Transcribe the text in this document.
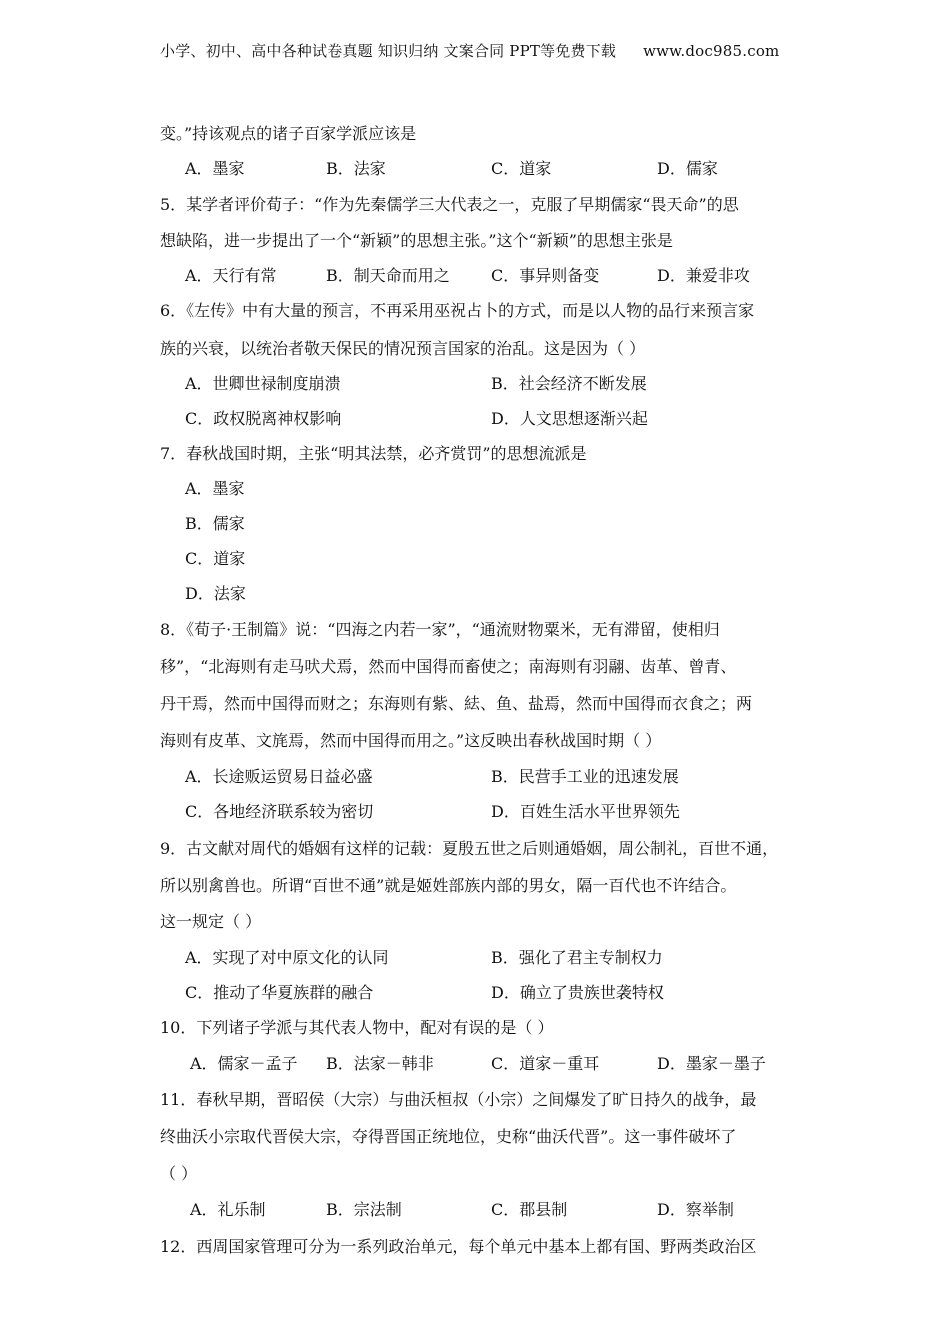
小学、初中、高中各种试卷真题 知识归纳 文案合同 PPT等免费下载 www.doc985.com
变。”持该观点的诸子百家学派应该是
A．墨家	B．法家	C．道家	D．儒家
5．某学者评价荀子：“作为先秦儒学三大代表之一，克服了早期儒家“畏天命”的思
想缺陷，进一步提出了一个“新颖”的思想主张。”这个“新颖”的思想主张是
A．天行有常	B．制天命而用之	C．事异则备变	D．兼爱非攻
6．《左传》中有大量的预言，不再采用巫祝占卜的方式，而是以人物的品行来预言家
族的兴衰，以统治者敬天保民的情况预言国家的治乱。这是因为（ ）
A．世卿世禄制度崩溃	B．社会经济不断发展
C．政权脱离神权影响	D．人文思想逐渐兴起
7．春秋战国时期，主张“明其法禁，必齐赏罚”的思想流派是
A．墨家
B．儒家
C．道家
D．法家
8．《荀子·王制篇》说：“四海之内若一家”，“通流财物粟米，无有滞留，使相归
移”，“北海则有走马吠犬焉，然而中国得而畜使之；南海则有羽翮、齿革、曾青、
丹干焉，然而中国得而财之；东海则有紫、紶、鱼、盐焉，然而中国得而衣食之；两
海则有皮革、文旄焉，然而中国得而用之。”这反映出春秋战国时期（ ）
A．长途贩运贸易日益必盛	B．民营手工业的迅速发展
C．各地经济联系较为密切	D．百姓生活水平世界领先
9．古文献对周代的婚姻有这样的记载：夏殷五世之后则通婚姻，周公制礼，百世不通，
所以别禽兽也。所谓“百世不通”就是姬姓部族内部的男女，隔一百代也不许结合。
这一规定（ ）
A．实现了对中原文化的认同	B．强化了君主专制权力
C．推动了华夏族群的融合	D．确立了贵族世袭特权
10．下列诸子学派与其代表人物中，配对有误的是（ ）
A．儒家－孟子 B．法家－韩非	C．道家－重耳	D．墨家－墨子
11．春秋早期，晋昭侯（大宗）与曲沃桓叔（小宗）之间爆发了旷日持久的战争，最
终曲沃小宗取代晋侯大宗，夺得晋国正统地位，史称“曲沃代晋”。这一事件破坏了
（ ）
A．礼乐制	B．宗法制	C．郡县制	D．察举制
12．西周国家管理可分为一系列政治单元，每个单元中基本上都有国、野两类政治区
